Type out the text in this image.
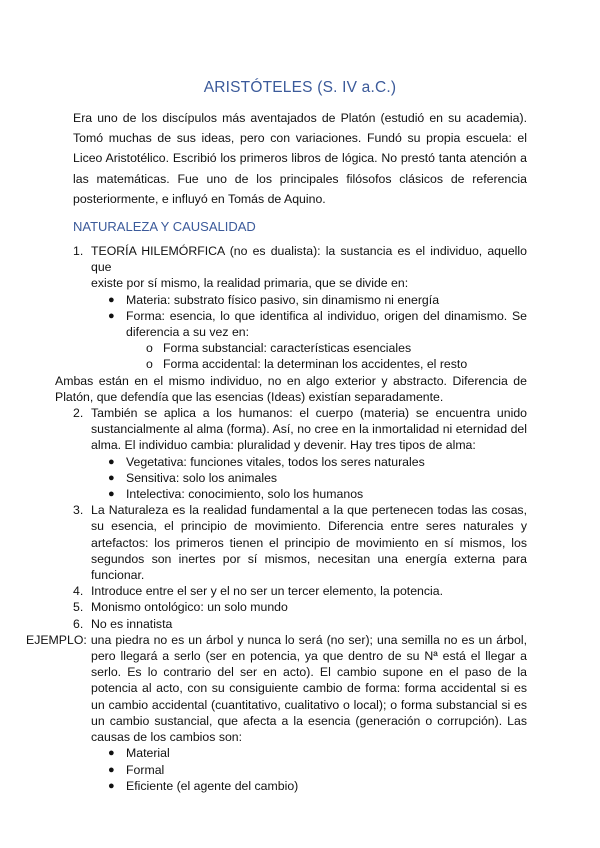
ARISTÓTELES (S. IV a.C.)
Era uno de los discípulos más aventajados de Platón (estudió en su academia). Tomó muchas de sus ideas, pero con variaciones. Fundó su propia escuela: el Liceo Aristotélico. Escribió los primeros libros de lógica. No prestó tanta atención a las matemáticas. Fue uno de los principales filósofos clásicos de referencia posteriormente, e influyó en Tomás de Aquino.
NATURALEZA Y CAUSALIDAD
1. TEORÍA HILEMÓRFICA (no es dualista): la sustancia es el individuo, aquello que
existe por sí mismo, la realidad primaria, que se divide en:
● Materia: substrato físico pasivo, sin dinamismo ni energía
● Forma: esencia, lo que identifica al individuo, origen del dinamismo. Se diferencia a su vez en:
o Forma substancial: características esenciales
o Forma accidental: la determinan los accidentes, el resto
Ambas están en el mismo individuo, no en algo exterior y abstracto. Diferencia de Platón, que defendía que las esencias (Ideas) existían separadamente.
2. También se aplica a los humanos: el cuerpo (materia) se encuentra unido sustancialmente al alma (forma). Así, no cree en la inmortalidad ni eternidad del alma. El individuo cambia: pluralidad y devenir. Hay tres tipos de alma:
● Vegetativa: funciones vitales, todos los seres naturales
● Sensitiva: solo los animales
● Intelectiva: conocimiento, solo los humanos
3. La Naturaleza es la realidad fundamental a la que pertenecen todas las cosas, su esencia, el principio de movimiento. Diferencia entre seres naturales y artefactos: los primeros tienen el principio de movimiento en sí mismos, los segundos son inertes por sí mismos, necesitan una energía externa para funcionar.
4. Introduce entre el ser y el no ser un tercer elemento, la potencia.
5. Monismo ontológico: un solo mundo
6. No es innatista
EJEMPLO: una piedra no es un árbol y nunca lo será (no ser); una semilla no es un árbol,
pero llegará a serlo (ser en potencia, ya que dentro de su Nª está el llegar a serlo. Es lo contrario del ser en acto). El cambio supone en el paso de la potencia al acto, con su consiguiente cambio de forma: forma accidental si es un cambio accidental (cuantitativo, cualitativo o local); o forma substancial si es un cambio sustancial, que afecta a la esencia (generación o corrupción). Las causas de los cambios son:
● Material
● Formal
● Eficiente (el agente del cambio)
